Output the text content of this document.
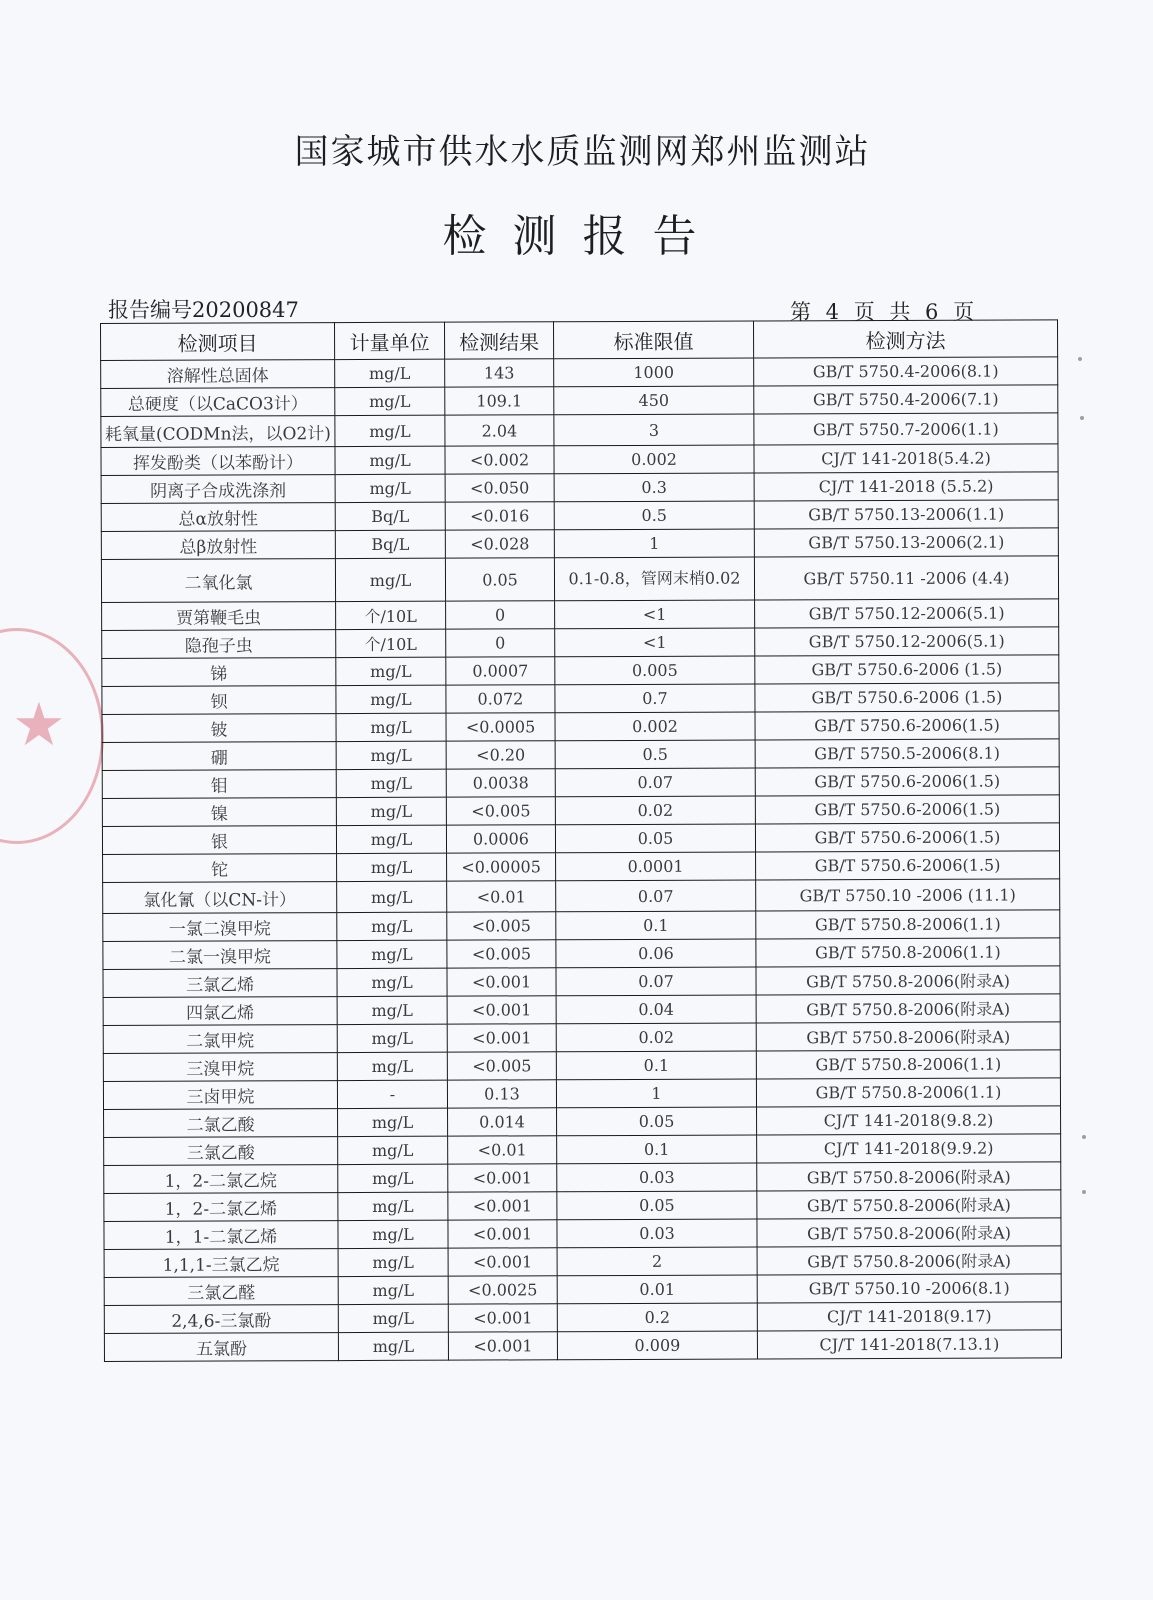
★
国家城市供水水质监测网郑州监测站
检测报告
报告编号20200847	第 4 页 共 6 页
检测项目	计量单位	检测结果	标准限值	检测方法
溶解性总固体	mg/L	143	1000	GB/T 5750.4-2006(8.1)
总硬度（以CaCO3计）	mg/L	109.1	450	GB/T 5750.4-2006(7.1)
耗氧量(CODMn法，以O2计)	mg/L	2.04	3	GB/T 5750.7-2006(1.1)
挥发酚类（以苯酚计）	mg/L	<0.002	0.002	CJ/T 141-2018(5.4.2)
阴离子合成洗涤剂	mg/L	<0.050	0.3	CJ/T 141-2018 (5.5.2)
总α放射性	Bq/L	<0.016	0.5	GB/T 5750.13-2006(1.1)
总β放射性	Bq/L	<0.028	1	GB/T 5750.13-2006(2.1)
二氧化氯	mg/L	0.05	0.1-0.8，管网末梢0.02	GB/T 5750.11 -2006 (4.4)
贾第鞭毛虫	个/10L	0	<1	GB/T 5750.12-2006(5.1)
隐孢子虫	个/10L	0	<1	GB/T 5750.12-2006(5.1)
锑	mg/L	0.0007	0.005	GB/T 5750.6-2006 (1.5)
钡	mg/L	0.072	0.7	GB/T 5750.6-2006 (1.5)
铍	mg/L	<0.0005	0.002	GB/T 5750.6-2006(1.5)
硼	mg/L	<0.20	0.5	GB/T 5750.5-2006(8.1)
钼	mg/L	0.0038	0.07	GB/T 5750.6-2006(1.5)
镍	mg/L	<0.005	0.02	GB/T 5750.6-2006(1.5)
银	mg/L	0.0006	0.05	GB/T 5750.6-2006(1.5)
铊	mg/L	<0.00005	0.0001	GB/T 5750.6-2006(1.5)
氯化氰（以CN-计）	mg/L	<0.01	0.07	GB/T 5750.10 -2006 (11.1)
一氯二溴甲烷	mg/L	<0.005	0.1	GB/T 5750.8-2006(1.1)
二氯一溴甲烷	mg/L	<0.005	0.06	GB/T 5750.8-2006(1.1)
三氯乙烯	mg/L	<0.001	0.07	GB/T 5750.8-2006(附录A)
四氯乙烯	mg/L	<0.001	0.04	GB/T 5750.8-2006(附录A)
二氯甲烷	mg/L	<0.001	0.02	GB/T 5750.8-2006(附录A)
三溴甲烷	mg/L	<0.005	0.1	GB/T 5750.8-2006(1.1)
三卤甲烷	-	0.13	1	GB/T 5750.8-2006(1.1)
二氯乙酸	mg/L	0.014	0.05	CJ/T 141-2018(9.8.2)
三氯乙酸	mg/L	<0.01	0.1	CJ/T 141-2018(9.9.2)
1，2-二氯乙烷	mg/L	<0.001	0.03	GB/T 5750.8-2006(附录A)
1，2-二氯乙烯	mg/L	<0.001	0.05	GB/T 5750.8-2006(附录A)
1，1-二氯乙烯	mg/L	<0.001	0.03	GB/T 5750.8-2006(附录A)
1,1,1-三氯乙烷	mg/L	<0.001	2	GB/T 5750.8-2006(附录A)
三氯乙醛	mg/L	<0.0025	0.01	GB/T 5750.10 -2006(8.1)
2,4,6-三氯酚	mg/L	<0.001	0.2	CJ/T 141-2018(9.17)
五氯酚	mg/L	<0.001	0.009	CJ/T 141-2018(7.13.1)
